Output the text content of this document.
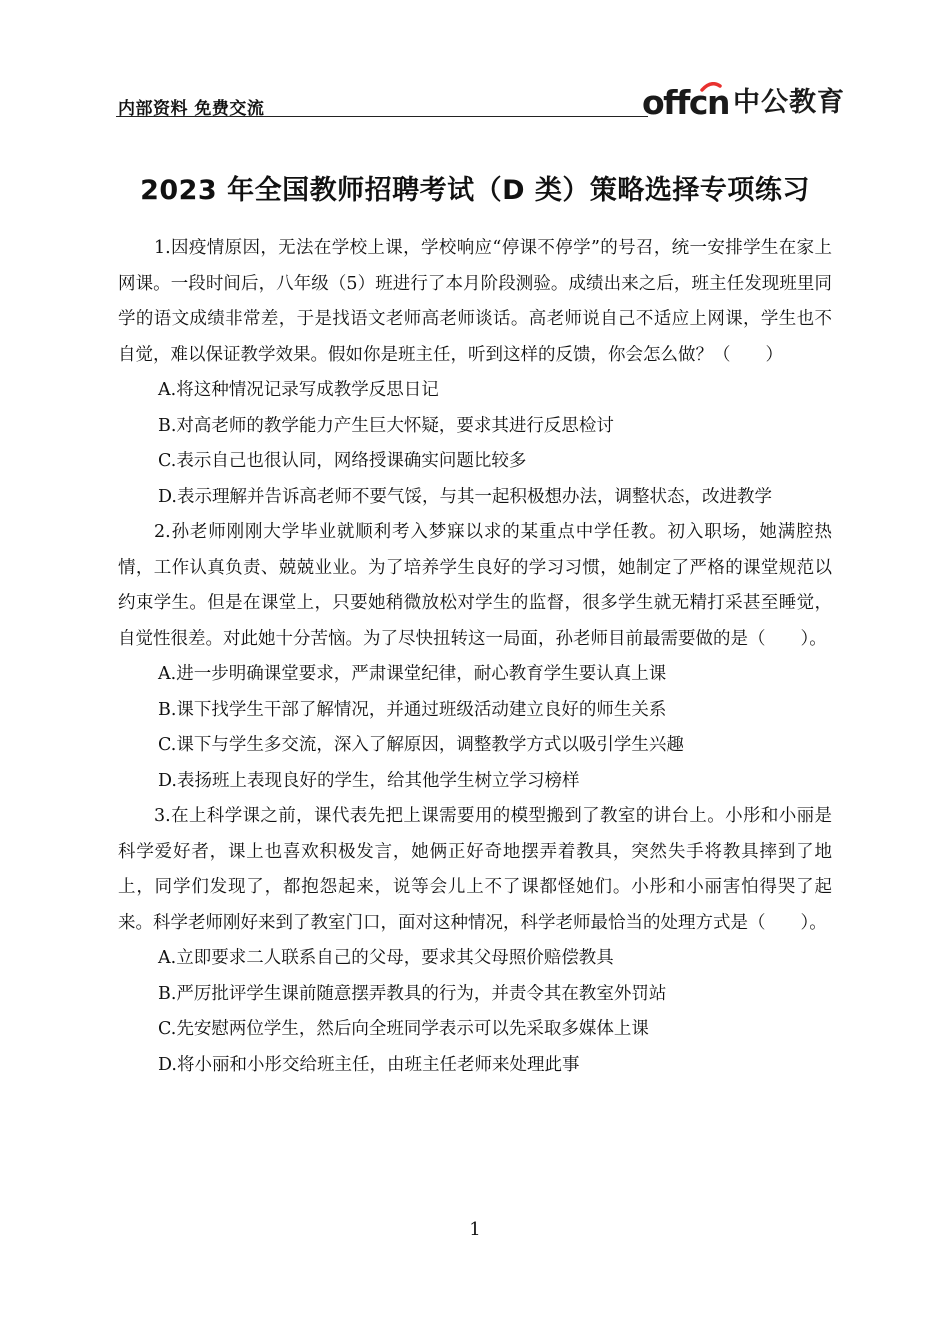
内部资料 免费交流	offcn 中公教育
2023 年全国教师招聘考试（D 类）策略选择专项练习

1.因疫情原因，无法在学校上课，学校响应“停课不停学”的号召，统一安排学生在家上网课。一段时间后，八年级（5）班进行了本月阶段测验。成绩出来之后，班主任发现班里同学的语文成绩非常差，于是找语文老师高老师谈话。高老师说自己不适应上网课，学生也不自觉，难以保证教学效果。假如你是班主任，听到这样的反馈，你会怎么做？（　　）

A.将这种情况记录写成教学反思日记

B.对高老师的教学能力产生巨大怀疑，要求其进行反思检讨

C.表示自己也很认同，网络授课确实问题比较多

D.表示理解并告诉高老师不要气馁，与其一起积极想办法，调整状态，改进教学

2.孙老师刚刚大学毕业就顺利考入梦寐以求的某重点中学任教。初入职场，她满腔热情，工作认真负责、兢兢业业。为了培养学生良好的学习习惯，她制定了严格的课堂规范以约束学生。但是在课堂上，只要她稍微放松对学生的监督，很多学生就无精打采甚至睡觉，自觉性很差。对此她十分苦恼。为了尽快扭转这一局面，孙老师目前最需要做的是（　　）。

A.进一步明确课堂要求，严肃课堂纪律，耐心教育学生要认真上课

B.课下找学生干部了解情况，并通过班级活动建立良好的师生关系

C.课下与学生多交流，深入了解原因，调整教学方式以吸引学生兴趣

D.表扬班上表现良好的学生，给其他学生树立学习榜样

3.在上科学课之前，课代表先把上课需要用的模型搬到了教室的讲台上。小彤和小丽是科学爱好者，课上也喜欢积极发言，她俩正好奇地摆弄着教具，突然失手将教具摔到了地上，同学们发现了，都抱怨起来，说等会儿上不了课都怪她们。小彤和小丽害怕得哭了起来。科学老师刚好来到了教室门口，面对这种情况，科学老师最恰当的处理方式是（　　）。

A.立即要求二人联系自己的父母，要求其父母照价赔偿教具

B.严厉批评学生课前随意摆弄教具的行为，并责令其在教室外罚站

C.先安慰两位学生，然后向全班同学表示可以先采取多媒体上课

D.将小丽和小彤交给班主任，由班主任老师来处理此事

1
